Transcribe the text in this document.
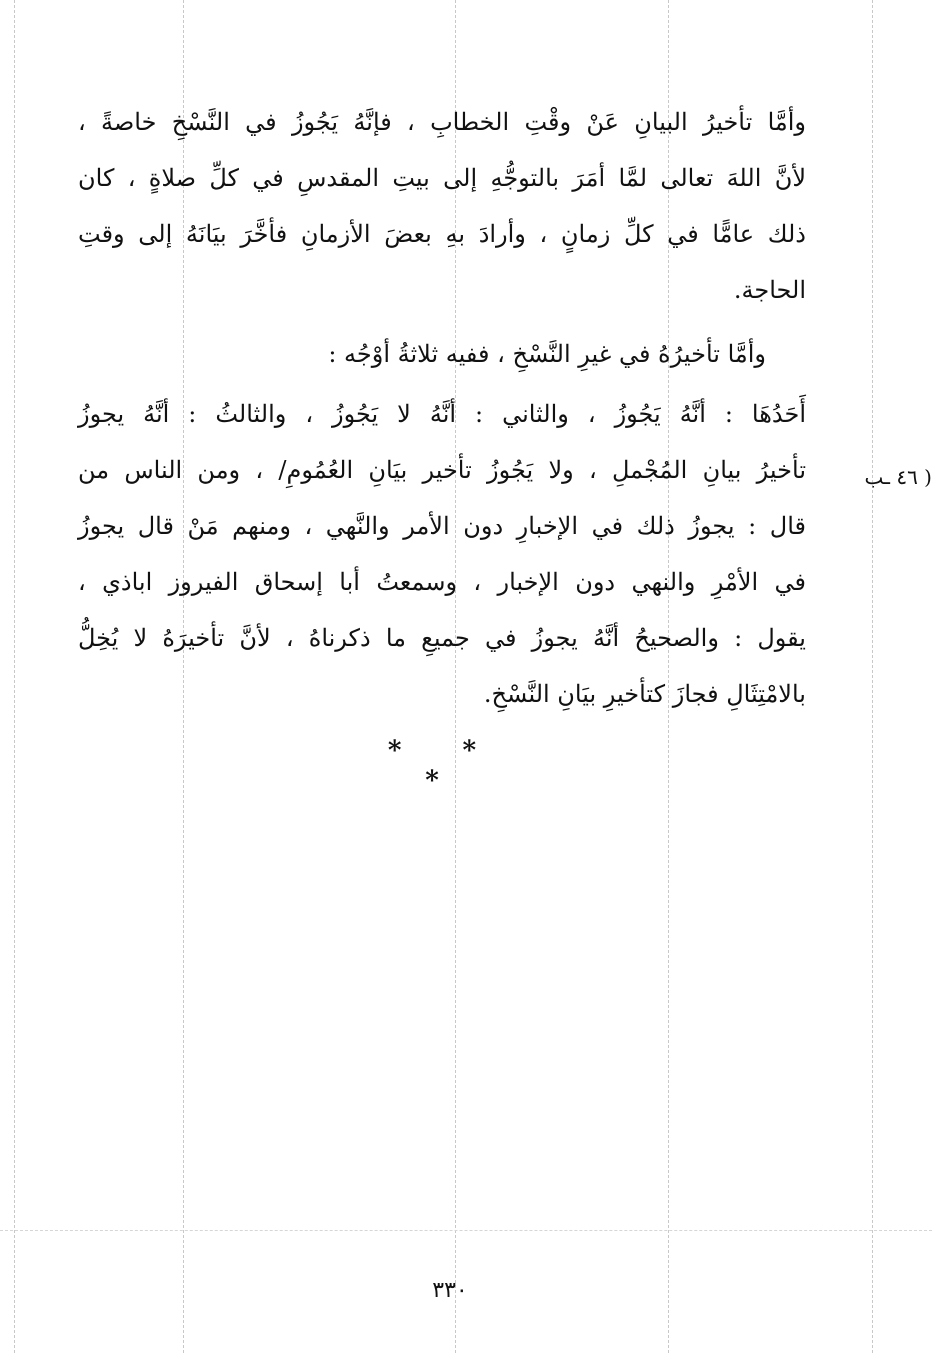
وأمَّا تأخيرُ البيانِ عَنْ وقْتِ الخطابِ ، فإنَّهُ يَجُوزُ في النَّسْخِ خاصةً ،
لأنَّ اللهَ تعالى لمَّا أمَرَ بالتوجُّهِ إلى بيتِ المقدسِ في كلِّ صلاةٍ ، كان
ذلك عامًّا في كلِّ زمانٍ ، وأرادَ بهِ بعضَ الأزمانِ فأخَّرَ بيَانَهُ إلى وقتِ
الحاجة.
وأمَّا تأخيرُهُ في غيرِ النَّسْخِ ، ففيه ثلاثةُ أوْجُه :
أَحَدُهَا : أنَّهُ يَجُوزُ ، والثاني : أنَّهُ لا يَجُوزُ ، والثالثُ : أنَّهُ يجوزُ
تأخيرُ بيانِ المُجْملِ ، ولا يَجُوزُ تأخير بيَانِ العُمُومِ/ ، ومن الناس من
قال : يجوزُ ذلك في الإخبارِ دون الأمر والنَّهي ، ومنهم مَنْ قال يجوزُ
في الأمْرِ والنهي دون الإخبار ، وسمعتُ أبا إسحاق الفيروز اباذي ،
يقول : والصحيحُ أنَّهُ يجوزُ في جميعِ ما ذكرناهُ ، لأنَّ تأخيرَهُ لا يُخِلُّ
بالامْتِثَالِ فجازَ كتأخيرِ بيَانِ النَّسْخِ.
( ٤٦ ـب
* * *
٣٣٠
